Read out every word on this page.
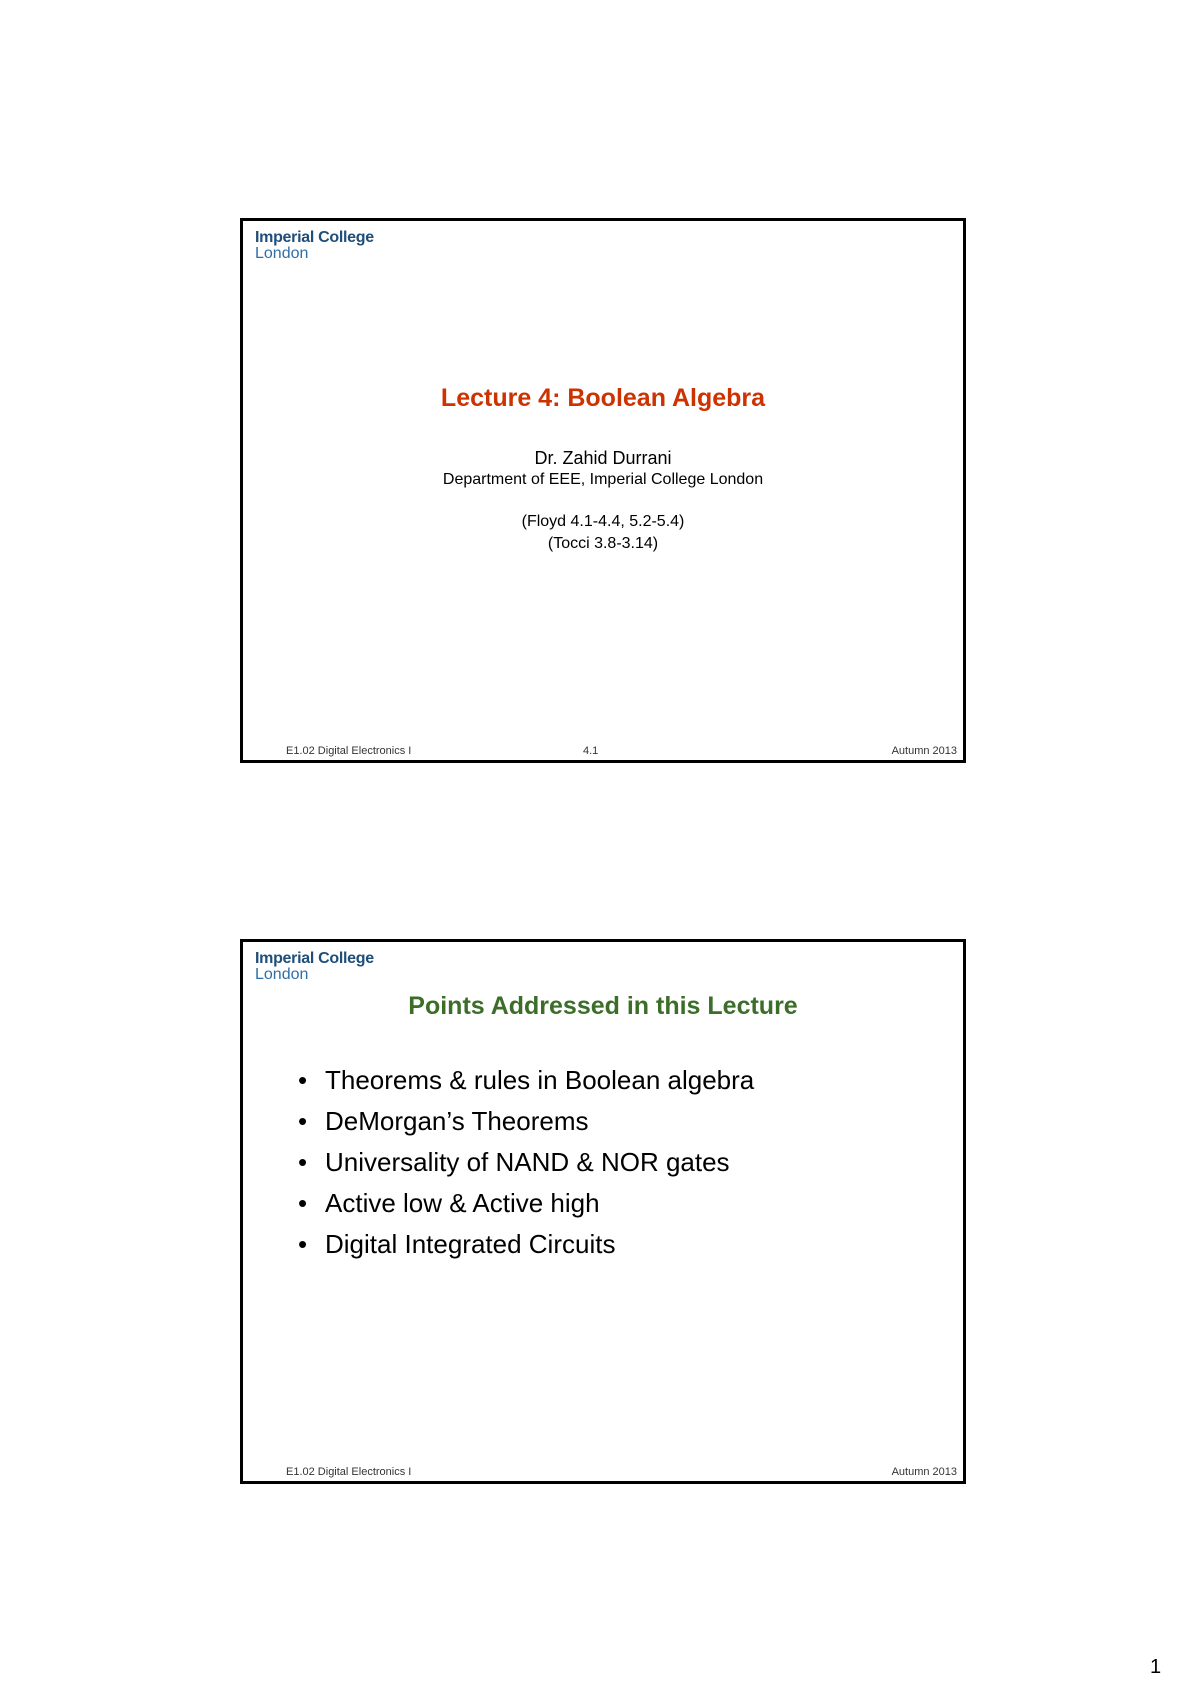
Imperial College
London
Lecture 4: Boolean Algebra
Dr. Zahid Durrani
Department of EEE, Imperial College London
(Floyd 4.1-4.4, 5.2-5.4)
(Tocci 3.8-3.14)
E1.02 Digital Electronics I	4.1	Autumn 2013
Imperial College
London
Points Addressed in this Lecture
• Theorems & rules in Boolean algebra
• DeMorgan’s Theorems
• Universality of NAND & NOR gates
• Active low & Active high
• Digital Integrated Circuits
E1.02 Digital Electronics I	Autumn 2013
1
